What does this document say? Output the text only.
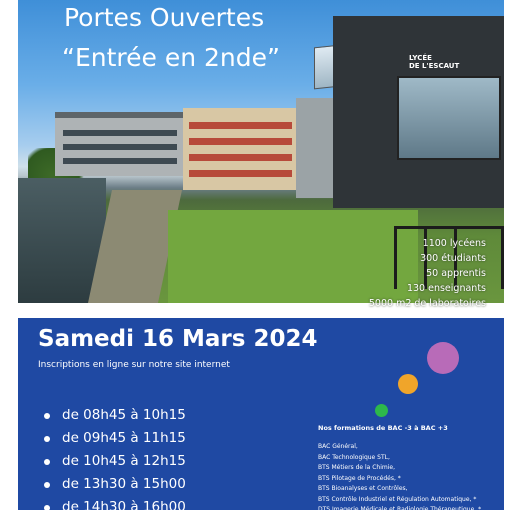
LYCÉE
DE L'ESCAUT
Portes Ouvertes
“Entrée en 2nde”
1100 lycéens
300 étudiants
50 apprentis
130 enseignants
5000 m2 de laboratoires
Samedi 16 Mars 2024
Inscriptions en ligne sur notre site internet
de 08h45 à 10h15
de 09h45 à 11h15
de 10h45 à 12h15
de 13h30 à 15h00
de 14h30 à 16h00
Nos formations de BAC -3 à BAC +3
BAC Général,
BAC Technologique STL,
BTS Métiers de la Chimie,
BTS Pilotage de Procédés, *
BTS Bioanalyses et Contrôles,
BTS Contrôle Industriel et Régulation Automatique, *
DTS Imagerie Médicale et Radiologie Thérapeutique, *
